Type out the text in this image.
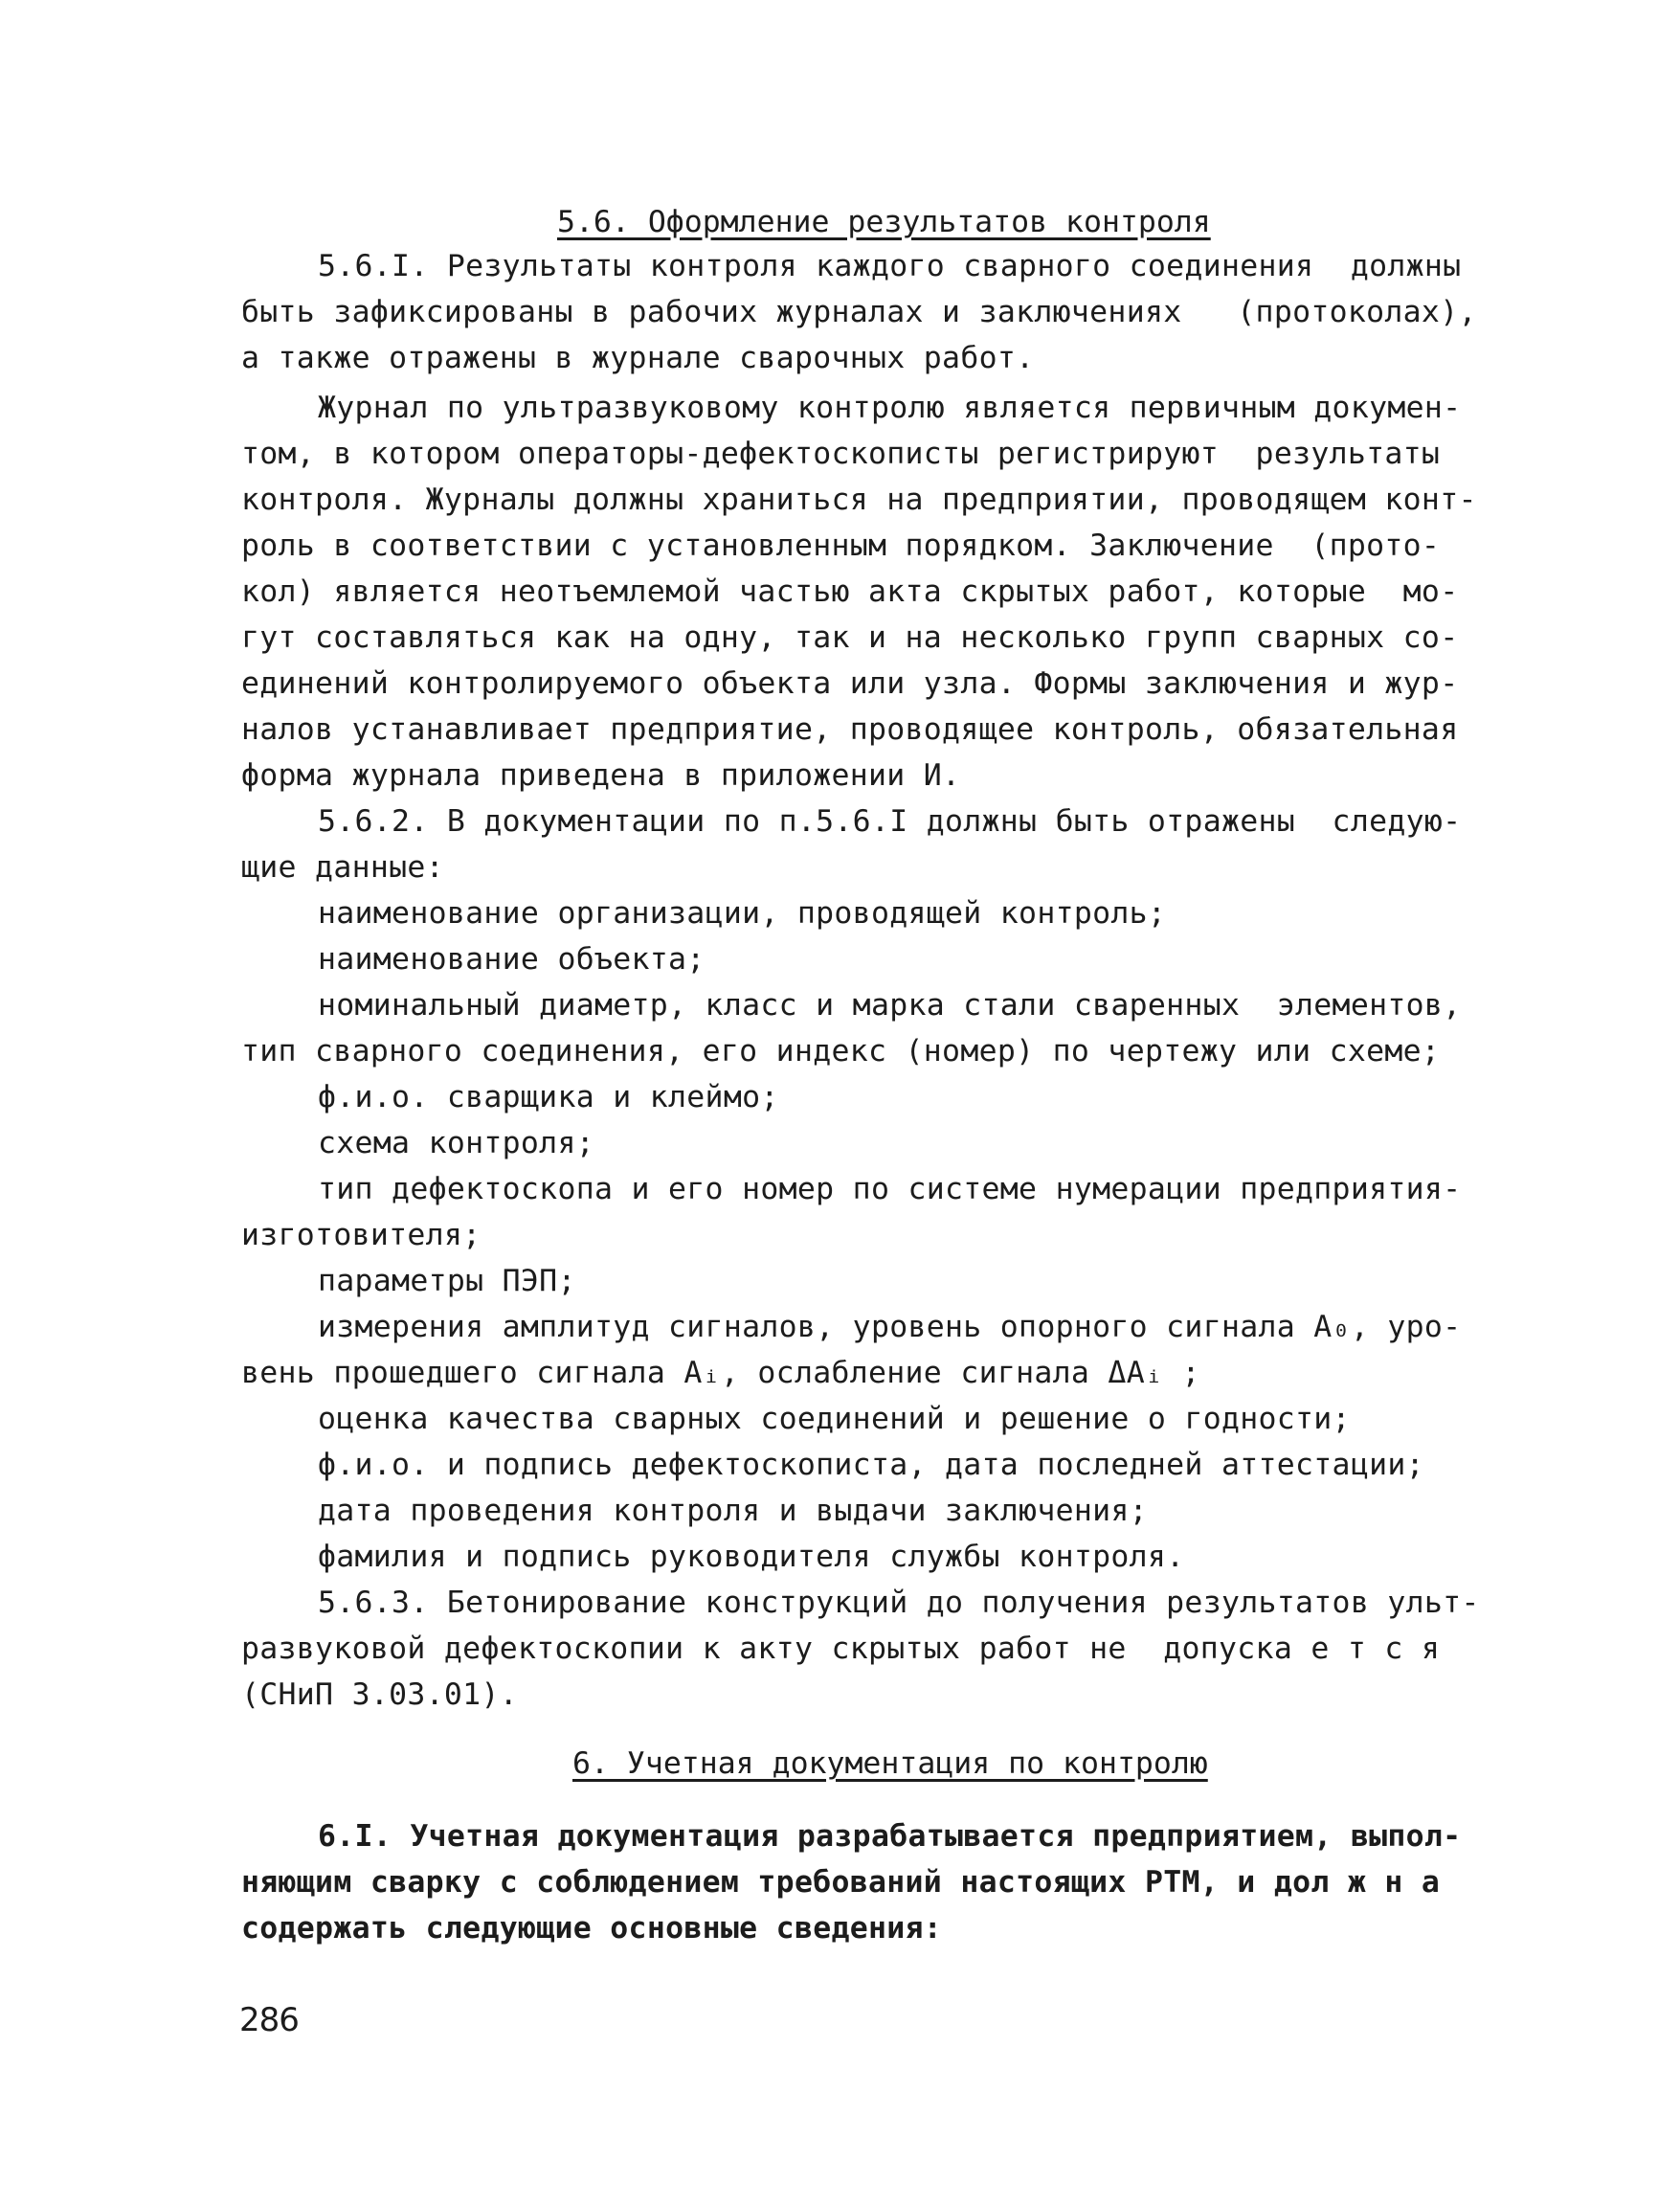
5.6. Оформление результатов контроля
5.6.I. Результаты контроля каждого сварного соединения  должны
быть зафиксированы в рабочих журналах и заключениях   (протоколах),
а также отражены в журнале сварочных работ.
Журнал по ультразвуковому контролю является первичным докумен-
том, в котором операторы-дефектоскописты регистрируют  результаты
контроля. Журналы должны храниться на предприятии, проводящем конт-
роль в соответствии с установленным порядком. Заключение  (прото-
кол) является неотъемлемой частью акта скрытых работ, которые  мо-
гут составляться как на одну, так и на несколько групп сварных со-
единений контролируемого объекта или узла. Формы заключения и жур-
налов устанавливает предприятие, проводящее контроль, обязательная
форма журнала приведена в приложении И.
5.6.2. В документации по п.5.6.I должны быть отражены  следую-
щие данные:
наименование организации, проводящей контроль;
наименование объекта;
номинальный диаметр, класс и марка стали сваренных  элементов,
тип сварного соединения, его индекс (номер) по чертежу или схеме;
ф.и.о. сварщика и клеймо;
схема контроля;
тип дефектоскопа и его номер по системе нумерации предприятия-
изготовителя;
параметры ПЭП;
измерения амплитуд сигналов, уровень опорного сигнала А₀, уро-
вень прошедшего сигнала Аᵢ, ослабление сигнала ΔАᵢ ;
оценка качества сварных соединений и решение о годности;
ф.и.о. и подпись дефектоскописта, дата последней аттестации;
дата проведения контроля и выдачи заключения;
фамилия и подпись руководителя службы контроля.
5.6.3. Бетонирование конструкций до получения результатов ульт-
развуковой дефектоскопии к акту скрытых работ не  допуска е т с я
(СНиП 3.03.01).
6. Учетная документация по контролю
6.I. Учетная документация разрабатывается предприятием, выпол-
няющим сварку с соблюдением требований настоящих РТМ, и дол ж н а
содержать следующие основные сведения:
286
